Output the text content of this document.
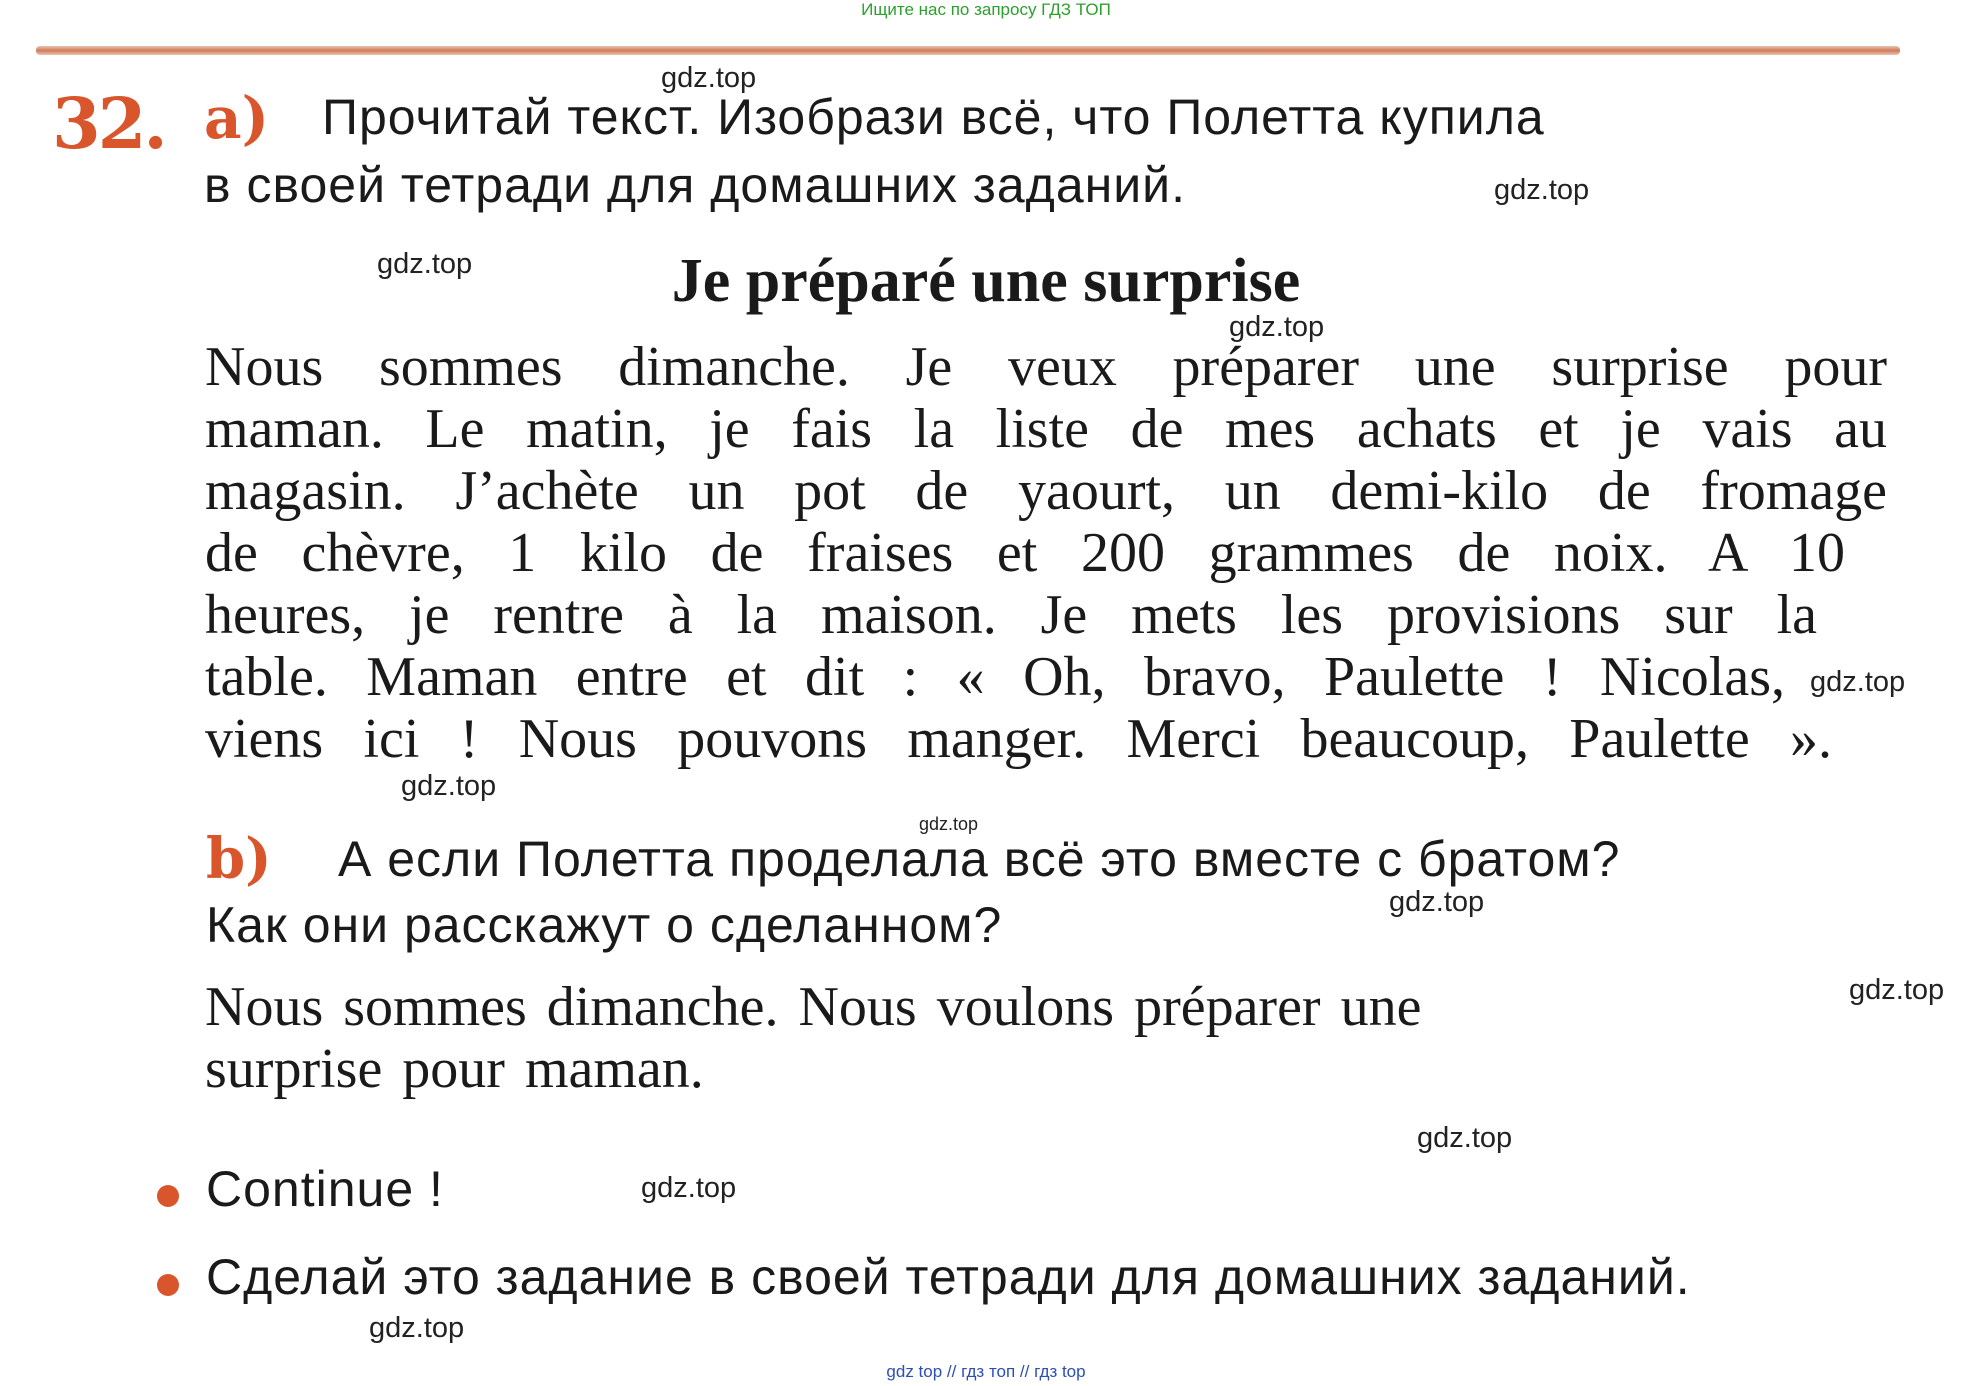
Ищите нас по запросу ГДЗ ТОП
32. a) Прочитай текст. Изобрази всё, что Полетта купила
в своей тетради для домашних заданий.
Je préparé une surprise
Nous sommes dimanche. Je veux préparer une surprise pour
maman. Le matin, je fais la liste de mes achats et je vais au
magasin. J’achète un pot de yaourt, un demi-kilo de fromage
de chèvre, 1 kilo de fraises et 200 grammes de noix. A 10
heures, je rentre à la maison. Je mets les provisions sur la
table. Maman entre et dit : « Oh, bravo, Paulette ! Nicolas,
viens ici ! Nous pouvons manger. Merci beaucoup, Paulette ».
b) А если Полетта проделала всё это вместе с братом?
Как они расскажут о сделанном?
Nous sommes dimanche. Nous voulons préparer une
surprise pour maman.
Continue !
Сделай это задание в своей тетради для домашних заданий.
gdz.top
gdz.top
gdz.top
gdz.top
gdz.top
gdz.top
gdz.top
gdz.top
gdz.top
gdz.top
gdz.top
gdz.top
gdz top // гдз топ // гдз top
